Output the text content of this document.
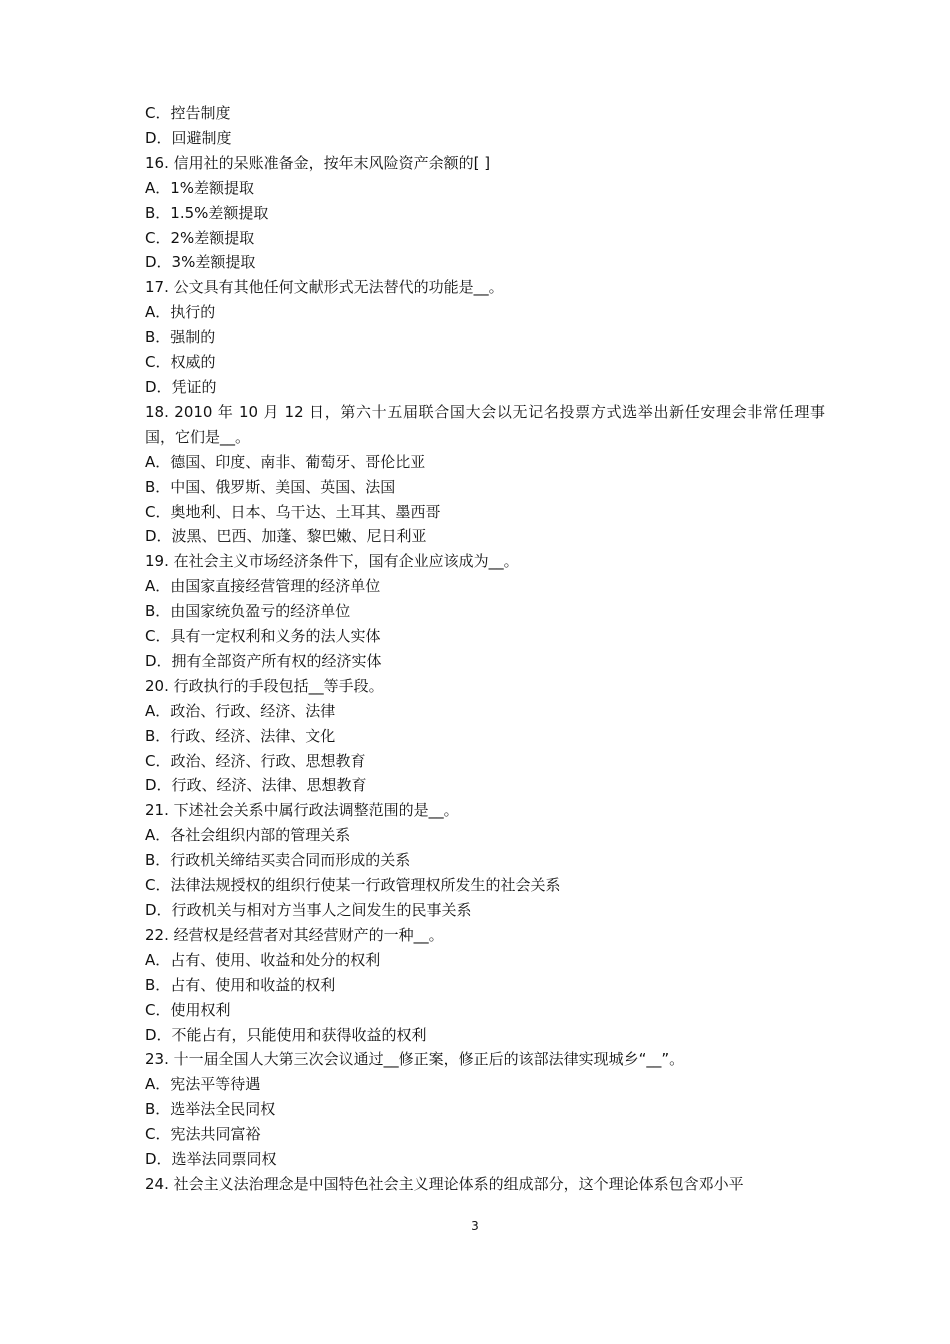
C．控告制度
D．回避制度
16. 信用社的呆账准备金，按年末风险资产余额的[ ]
A．1%差额提取
B．1.5%差额提取
C．2%差额提取
D．3%差额提取
17. 公文具有其他任何文献形式无法替代的功能是__。
A．执行的
B．强制的
C．权威的
D．凭证的
18. 2010 年 10 月 12 日，第六十五届联合国大会以无记名投票方式选举出新任安理会非常任理事国，它们是__。
A．德国、印度、南非、葡萄牙、哥伦比亚
B．中国、俄罗斯、美国、英国、法国
C．奥地利、日本、乌干达、土耳其、墨西哥
D．波黑、巴西、加蓬、黎巴嫩、尼日利亚
19. 在社会主义市场经济条件下，国有企业应该成为__。
A．由国家直接经营管理的经济单位
B．由国家统负盈亏的经济单位
C．具有一定权利和义务的法人实体
D．拥有全部资产所有权的经济实体
20. 行政执行的手段包括__等手段。
A．政治、行政、经济、法律
B．行政、经济、法律、文化
C．政治、经济、行政、思想教育
D．行政、经济、法律、思想教育
21. 下述社会关系中属行政法调整范围的是__。
A．各社会组织内部的管理关系
B．行政机关缔结买卖合同而形成的关系
C．法律法规授权的组织行使某一行政管理权所发生的社会关系
D．行政机关与相对方当事人之间发生的民事关系
22. 经营权是经营者对其经营财产的一种__。
A．占有、使用、收益和处分的权利
B．占有、使用和收益的权利
C．使用权利
D．不能占有，只能使用和获得收益的权利
23. 十一届全国人大第三次会议通过__修正案，修正后的该部法律实现城乡“__”。
A．宪法平等待遇
B．选举法全民同权
C．宪法共同富裕
D．选举法同票同权
24. 社会主义法治理念是中国特色社会主义理论体系的组成部分，这个理论体系包含邓小平
3
